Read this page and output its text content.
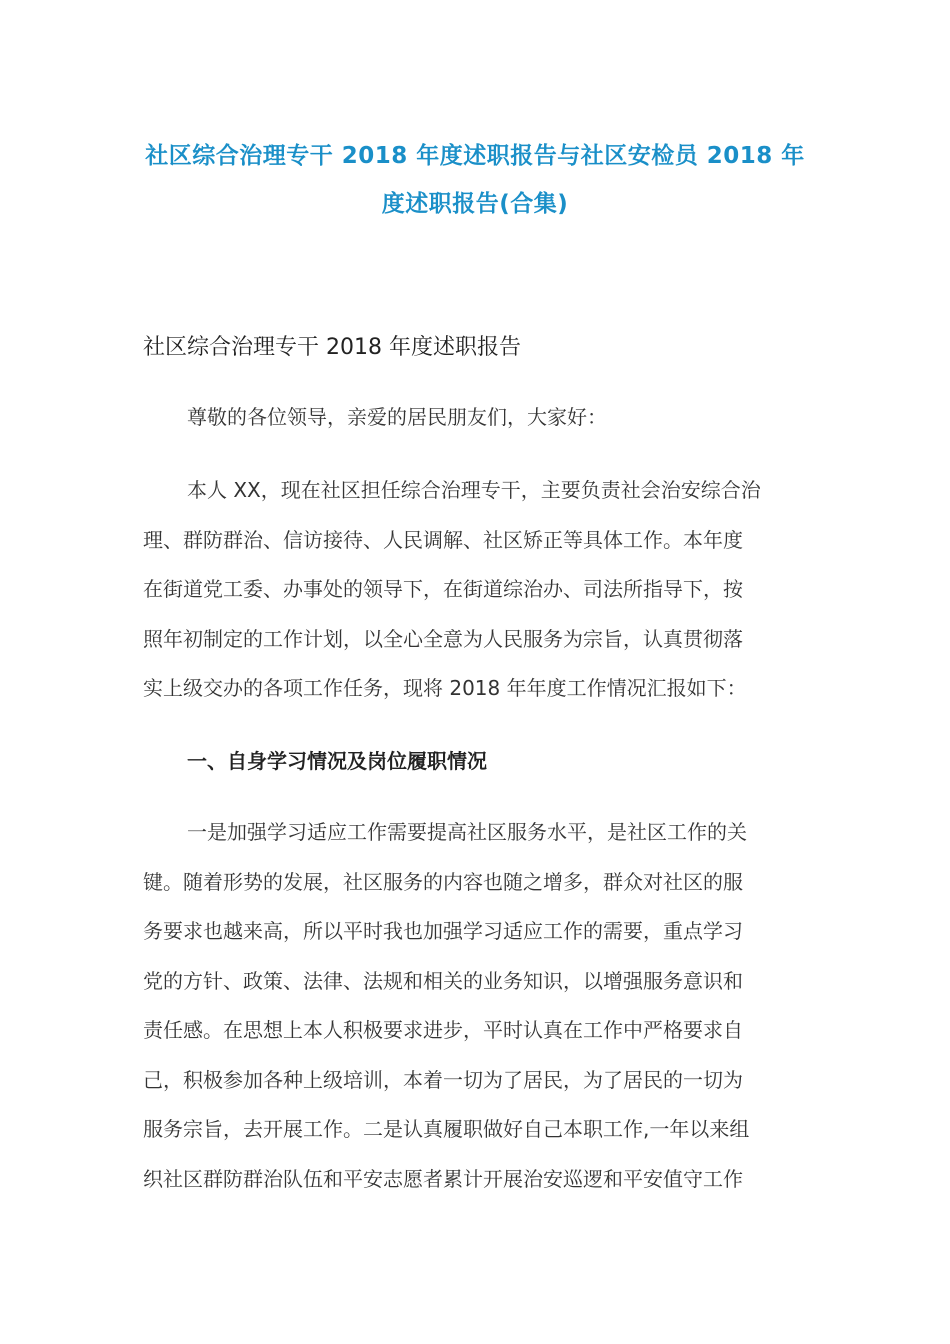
社区综合治理专干 2018 年度述职报告与社区安检员 2018 年
度述职报告(合集)
社区综合治理专干 2018 年度述职报告
尊敬的各位领导，亲爱的居民朋友们，大家好：
本人 XX，现在社区担任综合治理专干，主要负责社会治安综合治
理、群防群治、信访接待、人民调解、社区矫正等具体工作。本年度
在街道党工委、办事处的领导下，在街道综治办、司法所指导下，按
照年初制定的工作计划，以全心全意为人民服务为宗旨，认真贯彻落
实上级交办的各项工作任务，现将 2018 年年度工作情况汇报如下：
一、自身学习情况及岗位履职情况
一是加强学习适应工作需要提高社区服务水平，是社区工作的关
键。随着形势的发展，社区服务的内容也随之增多，群众对社区的服
务要求也越来高，所以平时我也加强学习适应工作的需要，重点学习
党的方针、政策、法律、法规和相关的业务知识，以增强服务意识和
责任感。在思想上本人积极要求进步，平时认真在工作中严格要求自
己，积极参加各种上级培训，本着一切为了居民，为了居民的一切为
服务宗旨，去开展工作。二是认真履职做好自己本职工作,一年以来组
织社区群防群治队伍和平安志愿者累计开展治安巡逻和平安值守工作
